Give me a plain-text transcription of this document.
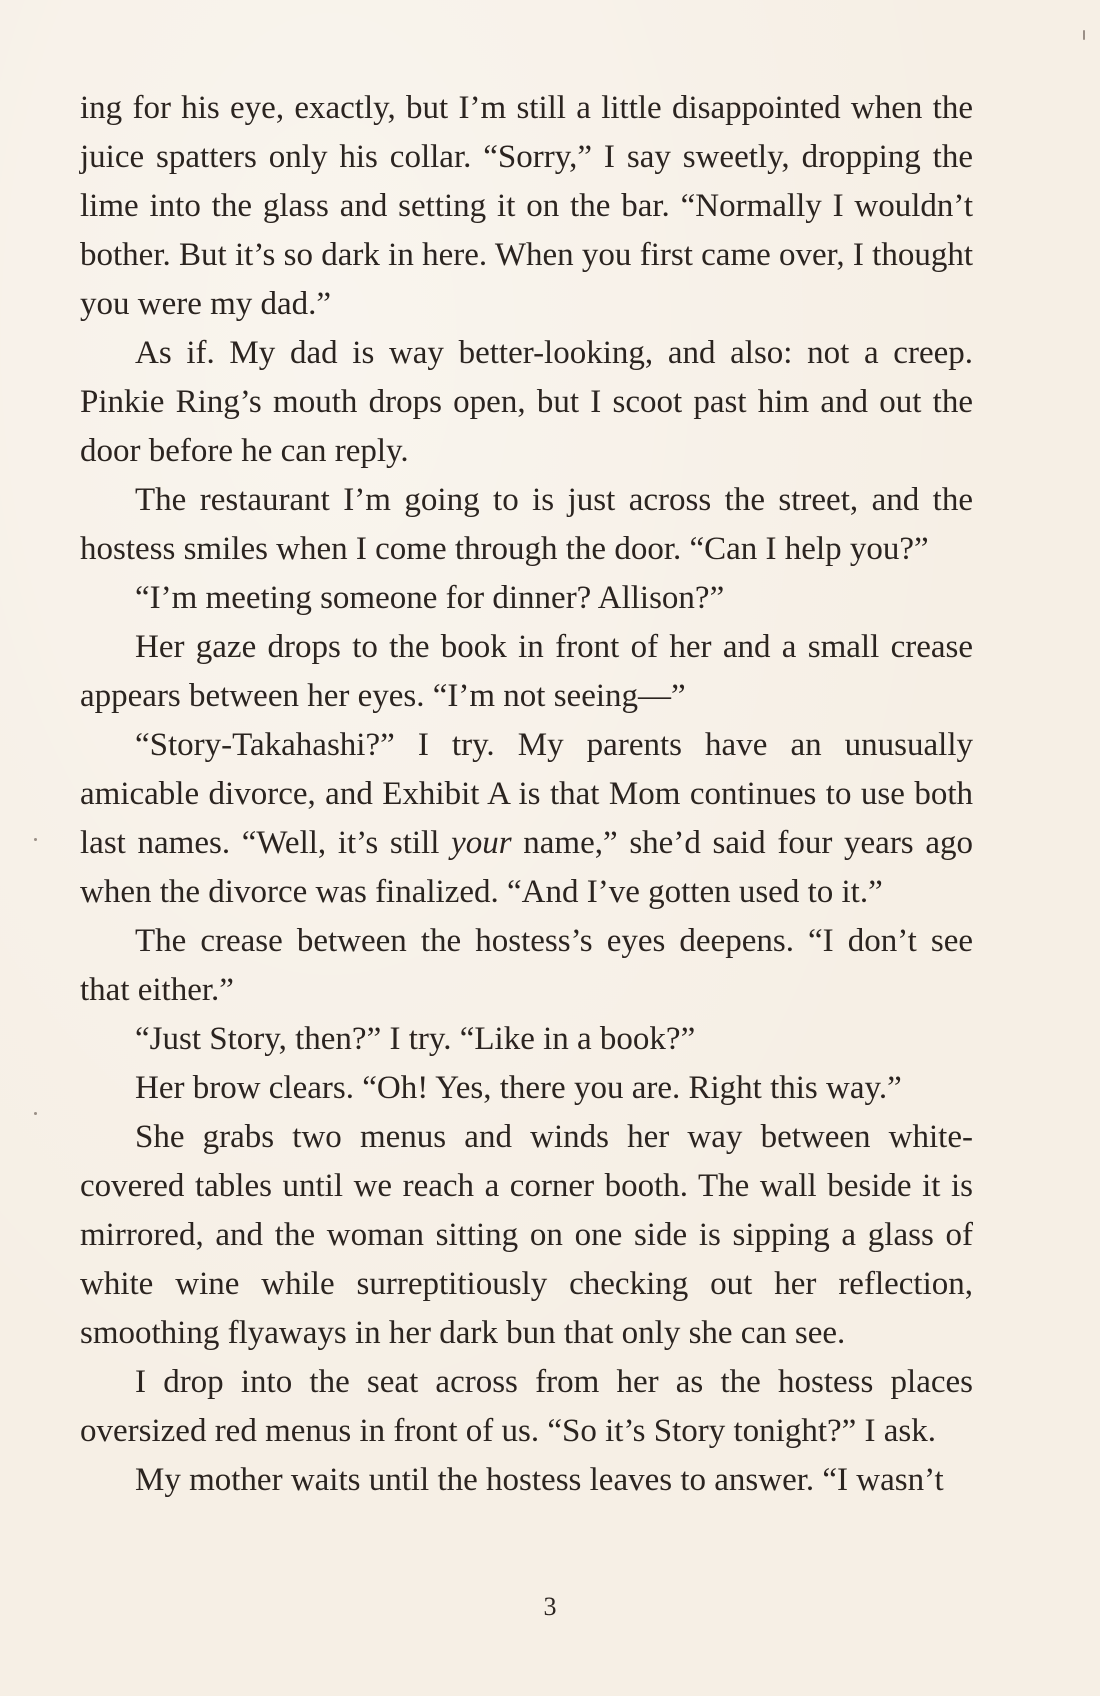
ing for his eye, exactly, but I’m still a little disappointed when the juice spatters only his collar. “Sorry,” I say sweetly, dropping the lime into the glass and setting it on the bar. “Normally I wouldn’t bother. But it’s so dark in here. When you first came over, I thought you were my dad.”

As if. My dad is way better-looking, and also: not a creep. Pinkie Ring’s mouth drops open, but I scoot past him and out the door before he can reply.

The restaurant I’m going to is just across the street, and the hostess smiles when I come through the door. “Can I help you?”

“I’m meeting someone for dinner? Allison?”

Her gaze drops to the book in front of her and a small crease appears between her eyes. “I’m not seeing—”

“Story-Takahashi?” I try. My parents have an unusually amicable divorce, and Exhibit A is that Mom continues to use both last names. “Well, it’s still your name,” she’d said four years ago when the divorce was finalized. “And I’ve gotten used to it.”

The crease between the hostess’s eyes deepens. “I don’t see that either.”

“Just Story, then?” I try. “Like in a book?”

Her brow clears. “Oh! Yes, there you are. Right this way.”

She grabs two menus and winds her way between white-covered tables until we reach a corner booth. The wall beside it is mirrored, and the woman sitting on one side is sipping a glass of white wine while surreptitiously checking out her reflection, smoothing flyaways in her dark bun that only she can see.

I drop into the seat across from her as the hostess places oversized red menus in front of us. “So it’s Story tonight?” I ask.

My mother waits until the hostess leaves to answer. “I wasn’t

3
